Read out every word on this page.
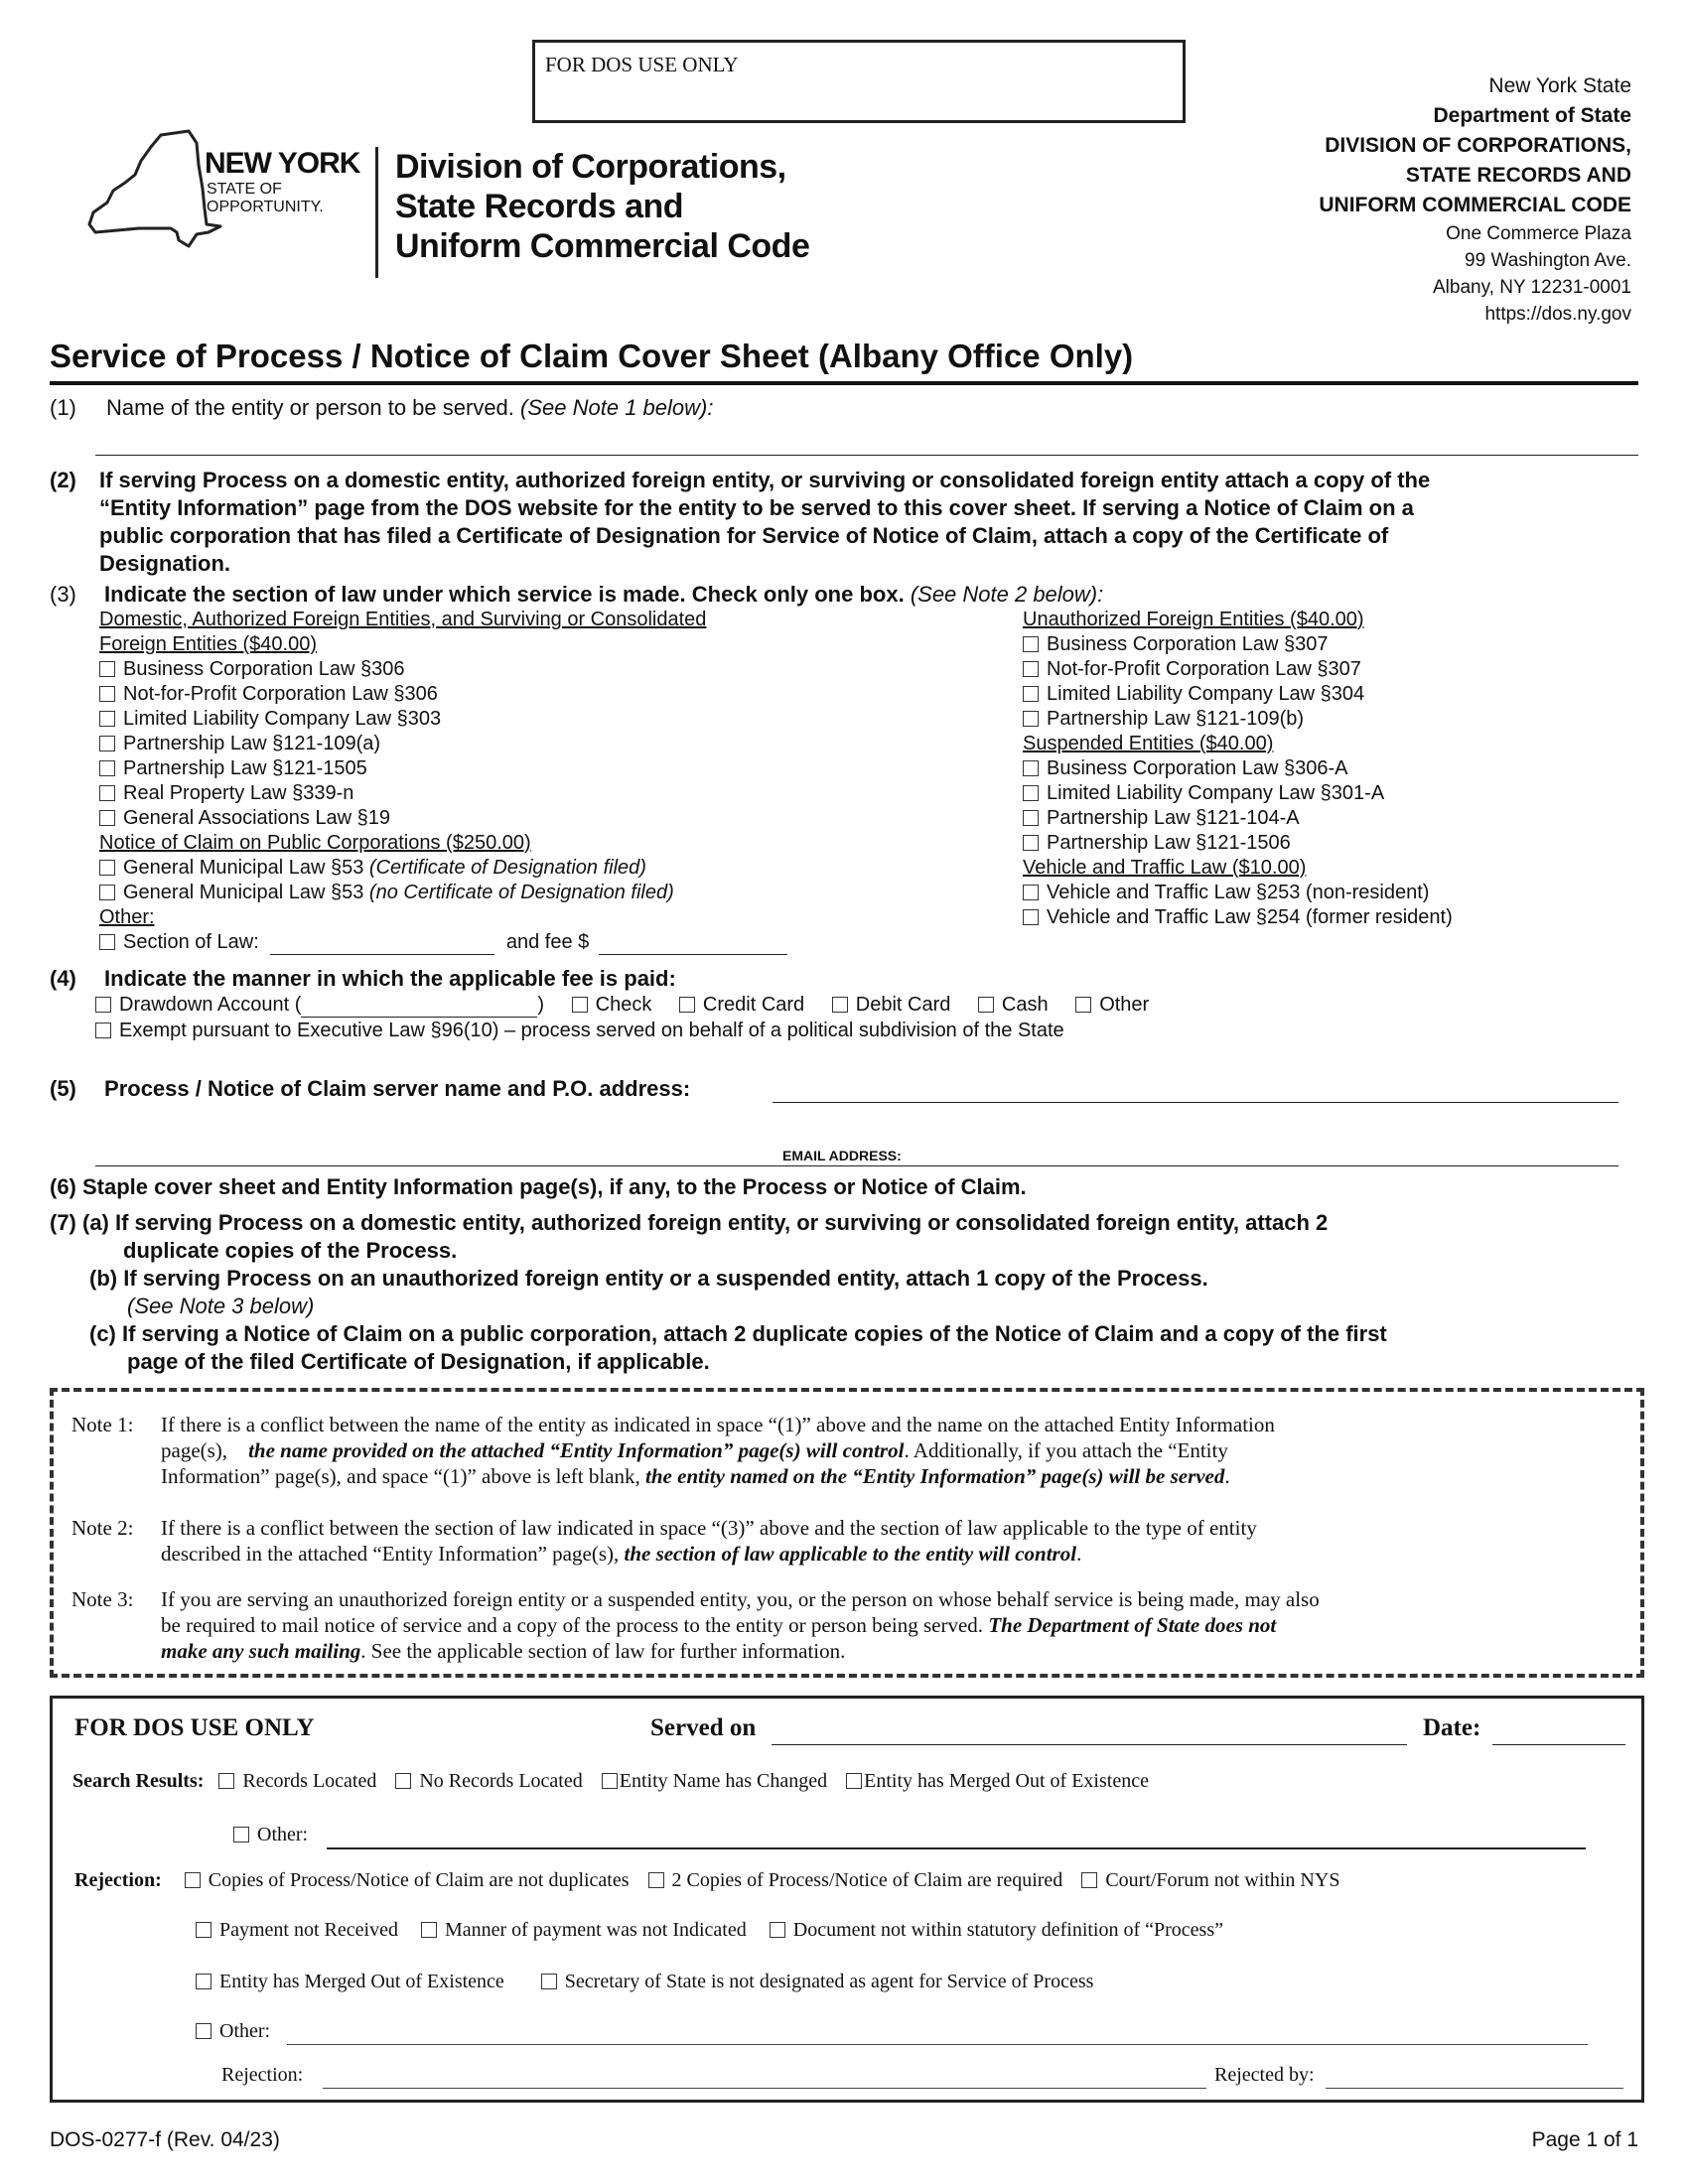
FOR DOS USE ONLY
NEW YORK
STATE OF
OPPORTUNITY.
Division of Corporations,
State Records and
Uniform Commercial Code
New York State
Department of State
DIVISION OF CORPORATIONS,
STATE RECORDS AND
UNIFORM COMMERCIAL CODE
One Commerce Plaza
99 Washington Ave.
Albany, NY 12231-0001
https://dos.ny.gov
Service of Process / Notice of Claim Cover Sheet (Albany Office Only)
(1) Name of the entity or person to be served. (See Note 1 below):
(2) If serving Process on a domestic entity, authorized foreign entity, or surviving or consolidated foreign entity attach a copy of the
“Entity Information” page from the DOS website for the entity to be served to this cover sheet. If serving a Notice of Claim on a
public corporation that has filed a Certificate of Designation for Service of Notice of Claim, attach a copy of the Certificate of
Designation.
(3) Indicate the section of law under which service is made. Check only one box. (See Note 2 below):
Domestic, Authorized Foreign Entities, and Surviving or Consolidated
Foreign Entities ($40.00)
Business Corporation Law §306
Not-for-Profit Corporation Law §306
Limited Liability Company Law §303
Partnership Law §121-109(a)
Partnership Law §121-1505
Real Property Law §339-n
General Associations Law §19
Notice of Claim on Public Corporations ($250.00)
General Municipal Law §53 (Certificate of Designation filed)
General Municipal Law §53 (no Certificate of Designation filed)
Other:
Section of Law:	and fee $
Unauthorized Foreign Entities ($40.00)
Business Corporation Law §307
Not-for-Profit Corporation Law §307
Limited Liability Company Law §304
Partnership Law §121-109(b)
Suspended Entities ($40.00)
Business Corporation Law §306-A
Limited Liability Company Law §301-A
Partnership Law §121-104-A
Partnership Law §121-1506
Vehicle and Traffic Law ($10.00)
Vehicle and Traffic Law §253 (non-resident)
Vehicle and Traffic Law §254 (former resident)
(4) Indicate the manner in which the applicable fee is paid:
Drawdown Account (	)	Check	Credit Card	Debit Card	Cash	Other
Exempt pursuant to Executive Law §96(10) – process served on behalf of a political subdivision of the State
(5) Process / Notice of Claim server name and P.O. address:
EMAIL ADDRESS:
(6) Staple cover sheet and Entity Information page(s), if any, to the Process or Notice of Claim.
(7) (a) If serving Process on a domestic entity, authorized foreign entity, or surviving or consolidated foreign entity, attach 2
duplicate copies of the Process.
(b) If serving Process on an unauthorized foreign entity or a suspended entity, attach 1 copy of the Process.
(See Note 3 below)
(c) If serving a Notice of Claim on a public corporation, attach 2 duplicate copies of the Notice of Claim and a copy of the first
page of the filed Certificate of Designation, if applicable.
Note 1: If there is a conflict between the name of the entity as indicated in space “(1)” above and the name on the attached Entity Information
page(s), the name provided on the attached “Entity Information” page(s) will control. Additionally, if you attach the “Entity
Information” page(s), and space “(1)” above is left blank, the entity named on the “Entity Information” page(s) will be served.
Note 2: If there is a conflict between the section of law indicated in space “(3)” above and the section of law applicable to the type of entity
described in the attached “Entity Information” page(s), the section of law applicable to the entity will control.
Note 3: If you are serving an unauthorized foreign entity or a suspended entity, you, or the person on whose behalf service is being made, may also
be required to mail notice of service and a copy of the process to the entity or person being served. The Department of State does not
make any such mailing. See the applicable section of law for further information.
FOR DOS USE ONLY	Served on	Date:
Search Results: Records Located No Records Located Entity Name has Changed Entity has Merged Out of Existence
Other:
Rejection: Copies of Process/Notice of Claim are not duplicates 2 Copies of Process/Notice of Claim are required Court/Forum not within NYS
Payment not Received Manner of payment was not Indicated Document not within statutory definition of “Process”
Entity has Merged Out of Existence	Secretary of State is not designated as agent for Service of Process
Other:
Rejection:	Rejected by:
DOS-0277-f (Rev. 04/23)	Page 1 of 1
